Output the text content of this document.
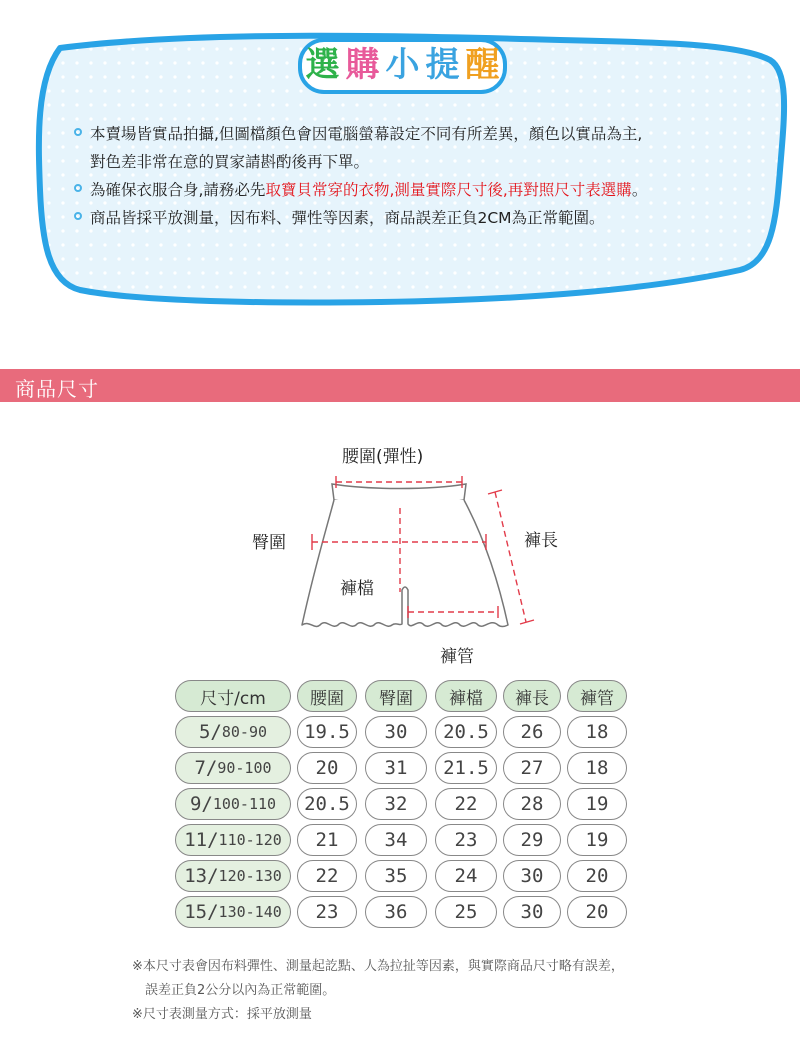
選 購 小 提 醒
本賣場皆實品拍攝,但圖檔顏色會因電腦螢幕設定不同有所差異，顏色以實品為主,
對色差非常在意的買家請斟酌後再下單。
為確保衣服合身,請務必先取寶貝常穿的衣物,測量實際尺寸後,再對照尺寸表選購。
商品皆採平放測量，因布料、彈性等因素，商品誤差正負2CM為正常範圍。
商品尺寸
腰圍(彈性)
臀圍	褲長
褲檔
褲管
尺寸/cm	腰圍	臀圍	褲檔	褲長	褲管
5/ 80-90	19.5	30	20.5	26	18
7/ 90-100	20	31	21.5	27	18
9/ 100-110	20.5	32	22	28	19
11/ 110-120	21	34	23	29	19
13/ 120-130	22	35	24	30	20
15/ 130-140	23	36	25	30	20
※本尺寸表會因布料彈性、測量起訖點、人為拉扯等因素，與實際商品尺寸略有誤差，
誤差正負2公分以內為正常範圍。
※尺寸表測量方式：採平放測量
